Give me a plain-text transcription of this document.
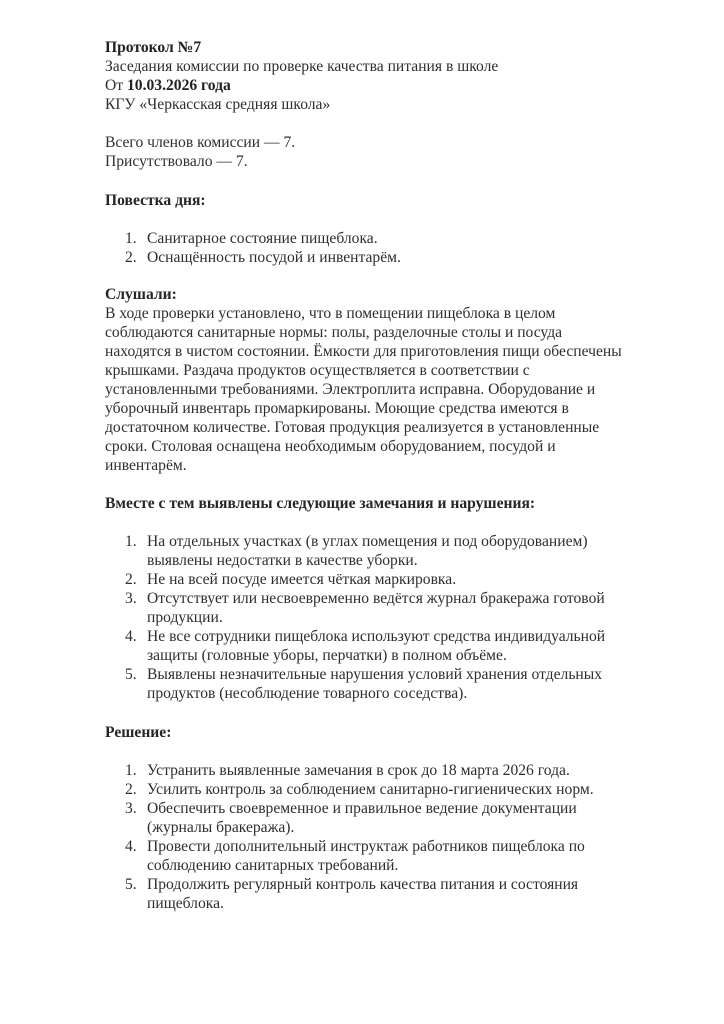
Протокол №7
Заседания комиссии по проверке качества питания в школе
От 10.03.2026 года
КГУ «Черкасская средняя школа»
Всего членов комиссии — 7.
Присутствовало — 7.

Повестка дня:

1. Санитарное состояние пищеблока.
2. Оснащённость посудой и инвентарём.

Слушали:

В ходе проверки установлено, что в помещении пищеблока в целом
соблюдаются санитарные нормы: полы, разделочные столы и посуда
находятся в чистом состоянии. Ёмкости для приготовления пищи обеспечены
крышками. Раздача продуктов осуществляется в соответствии с
установленными требованиями. Электроплита исправна. Оборудование и
уборочный инвентарь промаркированы. Моющие средства имеются в
достаточном количестве. Готовая продукция реализуется в установленные
сроки. Столовая оснащена необходимым оборудованием, посудой и
инвентарём.

Вместе с тем выявлены следующие замечания и нарушения:

1. На отдельных участках (в углах помещения и под оборудованием)
выявлены недостатки в качестве уборки.
2. Не на всей посуде имеется чёткая маркировка.
3. Отсутствует или несвоевременно ведётся журнал бракеража готовой
продукции.
4. Не все сотрудники пищеблока используют средства индивидуальной
защиты (головные уборы, перчатки) в полном объёме.
5. Выявлены незначительные нарушения условий хранения отдельных
продуктов (несоблюдение товарного соседства).

Решение:

1. Устранить выявленные замечания в срок до 18 марта 2026 года.
2. Усилить контроль за соблюдением санитарно-гигиенических норм.
3. Обеспечить своевременное и правильное ведение документации
(журналы бракеража).
4. Провести дополнительный инструктаж работников пищеблока по
соблюдению санитарных требований.
5. Продолжить регулярный контроль качества питания и состояния
пищеблока.
